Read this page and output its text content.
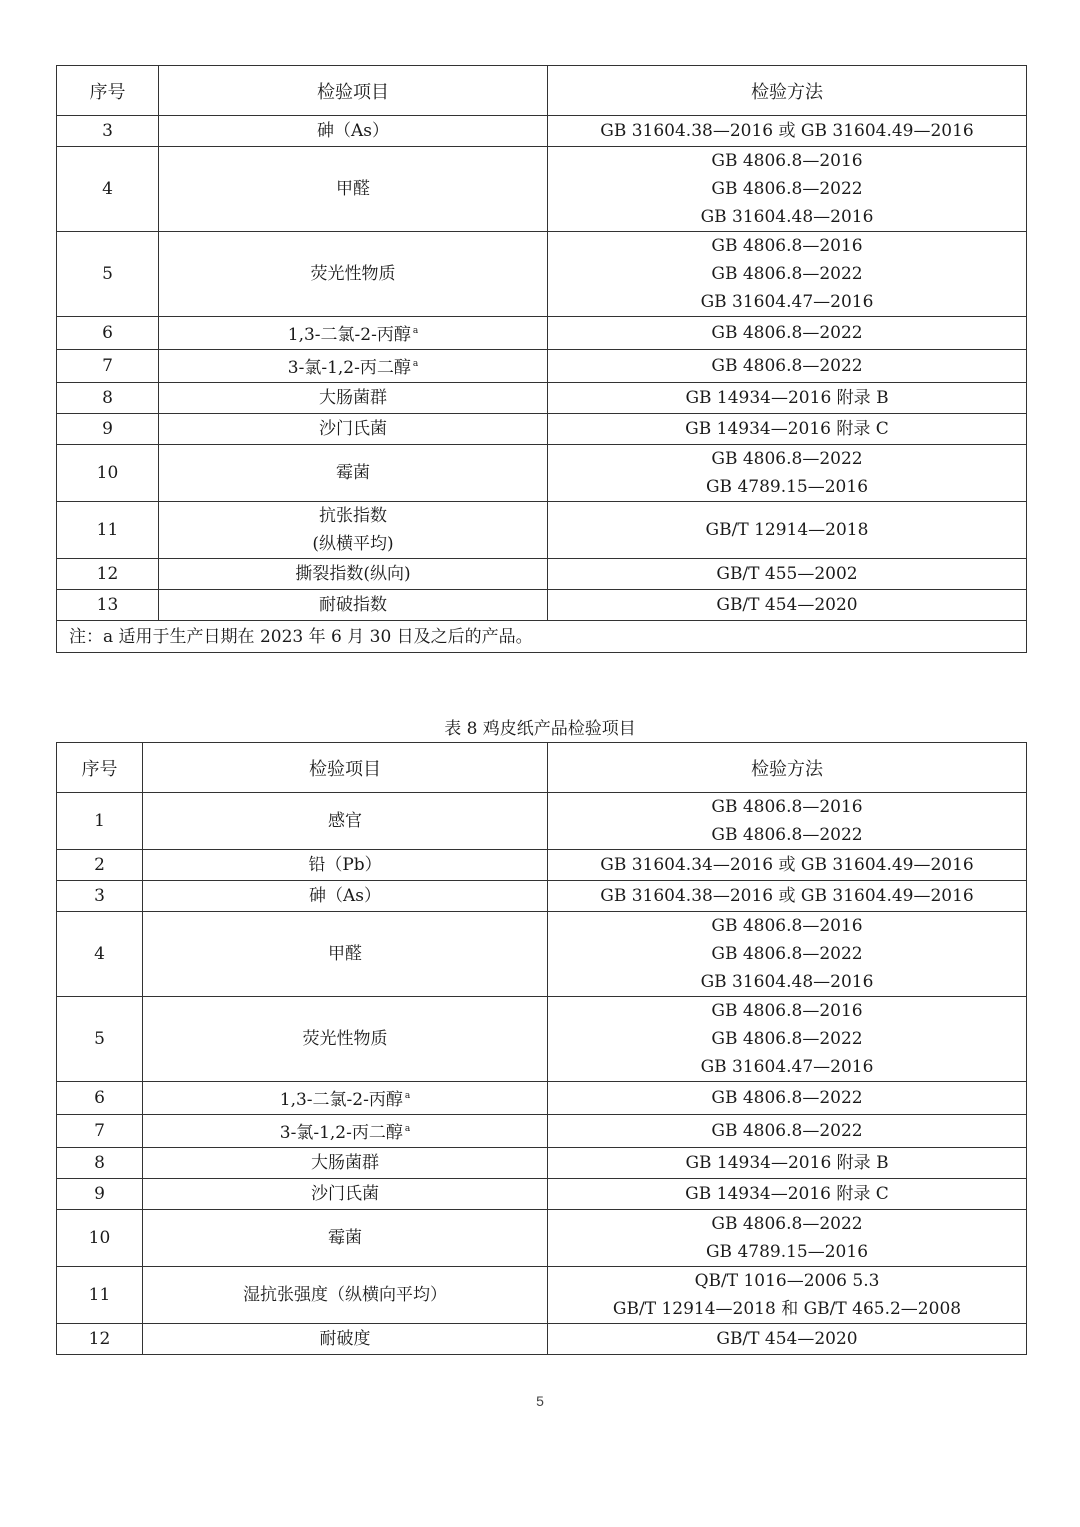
序号	检验项目	检验方法
3	砷（As）	GB 31604.38—2016 或 GB 31604.49—2016

4	甲醛	GB 4806.8—2016
GB 4806.8—2022
GB 31604.48—2016

5	荧光性物质	GB 4806.8—2016
GB 4806.8—2022
GB 31604.47—2016

6	1,3-二氯-2-丙醇 $^a$	GB 4806.8—2022

7	3-氯-1,2-丙二醇 $^a$	GB 4806.8—2022

8	大肠菌群	GB 14934—2016 附录 B

9	沙门氏菌	GB 14934—2016 附录 C

10	霉菌	GB 4806.8—2022
GB 4789.15—2016

11	抗张指数
(纵横平均)	GB/T 12914—2018

12	撕裂指数(纵向)	GB/T 455—2002

13	耐破指数	GB/T 454—2020

注：a 适用于生产日期在 2023 年 6 月 30 日及之后的产品。		
表 8 鸡皮纸产品检验项目
序号	检验项目	检验方法
1	感官	GB 4806.8—2016
GB 4806.8—2022

2	铅（Pb）	GB 31604.34—2016 或 GB 31604.49—2016

3	砷（As）	GB 31604.38—2016 或 GB 31604.49—2016

4	甲醛	GB 4806.8—2016
GB 4806.8—2022
GB 31604.48—2016

5	荧光性物质	GB 4806.8—2016
GB 4806.8—2022
GB 31604.47—2016

6	1,3-二氯-2-丙醇 $^a$	GB 4806.8—2022

7	3-氯-1,2-丙二醇 $^a$	GB 4806.8—2022

8	大肠菌群	GB 14934—2016 附录 B

9	沙门氏菌	GB 14934—2016 附录 C

10	霉菌	GB 4806.8—2022
GB 4789.15—2016

11	湿抗张强度（纵横向平均）	QB/T 1016—2006 5.3
GB/T 12914—2018 和 GB/T 465.2—2008

12	耐破度	GB/T 454—2020
5
